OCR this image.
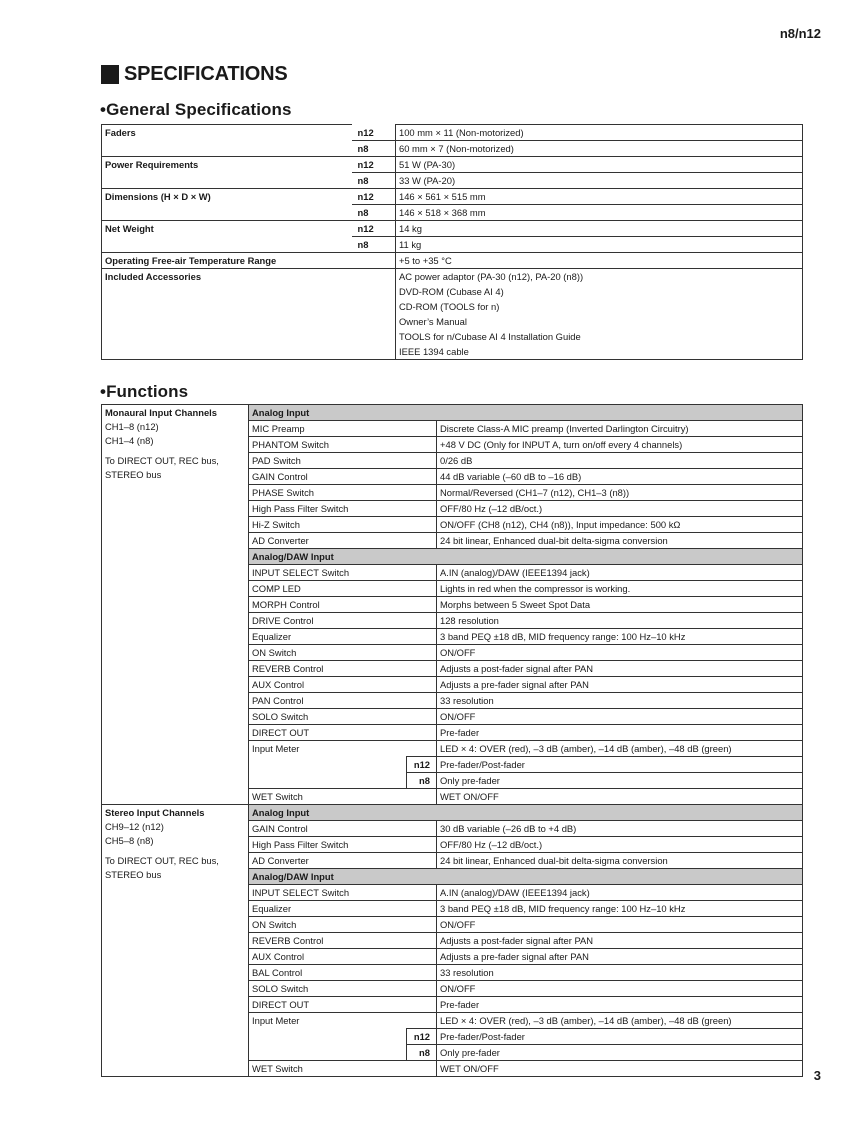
n8/n12
SPECIFICATIONS
•General Specifications
Faders	n12	100 mm × 11 (Non-motorized)
	n8	60 mm × 7 (Non-motorized)
Power Requirements	n12	51 W (PA-30)
	n8	33 W (PA-20)
Dimensions (H × D × W)	n12	146 × 561 × 515 mm
	n8	146 × 518 × 368 mm
Net Weight	n12	14 kg
	n8	11 kg
Operating Free-air Temperature Range		+5 to +35 °C
Included Accessories		AC power adaptor (PA-30 (n12), PA-20 (n8))
		DVD-ROM (Cubase AI 4)
		CD-ROM (TOOLS for n)
		Owner’s Manual
		TOOLS for n/Cubase AI 4 Installation Guide
		IEEE 1394 cable
•Functions
Monaural Input Channels
CH1–8 (n12)
CH1–4 (n8)
To DIRECT OUT, REC bus,
STEREO bus	Analog Input		
	MIC Preamp		Discrete Class-A MIC preamp (Inverted Darlington Circuitry)
	PHANTOM Switch		+48 V DC (Only for INPUT A, turn on/off every 4 channels)
	PAD Switch		0/26 dB
	GAIN Control		44 dB variable (–60 dB to –16 dB)
	PHASE Switch		Normal/Reversed (CH1–7 (n12), CH1–3 (n8))
	High Pass Filter Switch		OFF/80 Hz (–12 dB/oct.)
	Hi-Z Switch		ON/OFF (CH8 (n12), CH4 (n8)), Input impedance: 500 kΩ
	AD Converter		24 bit linear, Enhanced dual-bit delta-sigma conversion
	Analog/DAW Input		
	INPUT SELECT Switch		A.IN (analog)/DAW (IEEE1394 jack)
	COMP LED		Lights in red when the compressor is working.
	MORPH Control		Morphs between 5 Sweet Spot Data
	DRIVE Control		128 resolution
	Equalizer		3 band PEQ ±18 dB, MID frequency range: 100 Hz–10 kHz
	ON Switch		ON/OFF
	REVERB Control		Adjusts a post-fader signal after PAN
	AUX Control		Adjusts a pre-fader signal after PAN
	PAN Control		33 resolution
	SOLO Switch		ON/OFF
	DIRECT OUT		Pre-fader
	Input Meter		LED × 4: OVER (red), –3 dB (amber), –14 dB (amber), –48 dB (green)
		n12	Pre-fader/Post-fader
		n8	Only pre-fader
	WET Switch		WET ON/OFF

Stereo Input Channels
CH9–12 (n12)
CH5–8 (n8)
To DIRECT OUT, REC bus,
STEREO bus	Analog Input		
	GAIN Control		30 dB variable (–26 dB to +4 dB)
	High Pass Filter Switch		OFF/80 Hz (–12 dB/oct.)
	AD Converter		24 bit linear, Enhanced dual-bit delta-sigma conversion
	Analog/DAW Input		
	INPUT SELECT Switch		A.IN (analog)/DAW (IEEE1394 jack)
	Equalizer		3 band PEQ ±18 dB, MID frequency range: 100 Hz–10 kHz
	ON Switch		ON/OFF
	REVERB Control		Adjusts a post-fader signal after PAN
	AUX Control		Adjusts a pre-fader signal after PAN
	BAL Control		33 resolution
	SOLO Switch		ON/OFF
	DIRECT OUT		Pre-fader
	Input Meter		LED × 4: OVER (red), –3 dB (amber), –14 dB (amber), –48 dB (green)
		n12	Pre-fader/Post-fader
		n8	Only pre-fader
	WET Switch		WET ON/OFF	3
